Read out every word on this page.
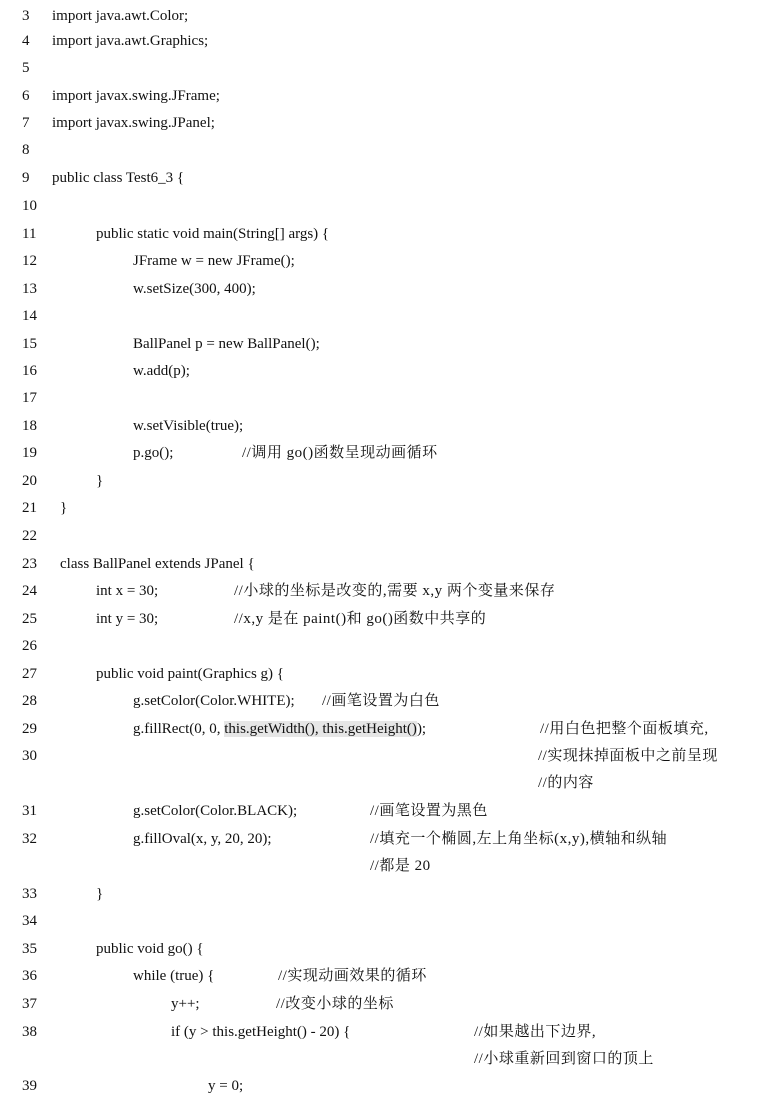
3	import java.awt.Color;
4	import java.awt.Graphics;
5
6	import javax.swing.JFrame;
7	import javax.swing.JPanel;
8
9	public class Test6_3 {
10
11	public static void main(String[] args) {
12	JFrame w = new JFrame();
13	w.setSize(300, 400);
14
15	BallPanel p = new BallPanel();
16	w.add(p);
17
18	w.setVisible(true);
19	p.go();	//调用 go()函数呈现动画循环
20	}
21	}
22
23	class BallPanel extends JPanel {
24	int x = 30;	//小球的坐标是改变的,需要 x,y 两个变量来保存
25	int y = 30;	//x,y 是在 paint()和 go()函数中共享的
26
27	public void paint(Graphics g) {
28	g.setColor(Color.WHITE); //画笔设置为白色
29	g.fillRect(0, 0, this.getWidth(), this.getHeight());	//用白色把整个面板填充,
30	//实现抹掉面板中之前呈现
//的内容
31	g.setColor(Color.BLACK);	//画笔设置为黑色
32	g.fillOval(x, y, 20, 20);	//填充一个椭圆,左上角坐标(x,y),横轴和纵轴
//都是 20
33	}
34
35	public void go() {
36	while (true) {	//实现动画效果的循环
37	y++;	//改变小球的坐标
38	if (y > this.getHeight() - 20) {	//如果越出下边界,
//小球重新回到窗口的顶上
39	y = 0;
